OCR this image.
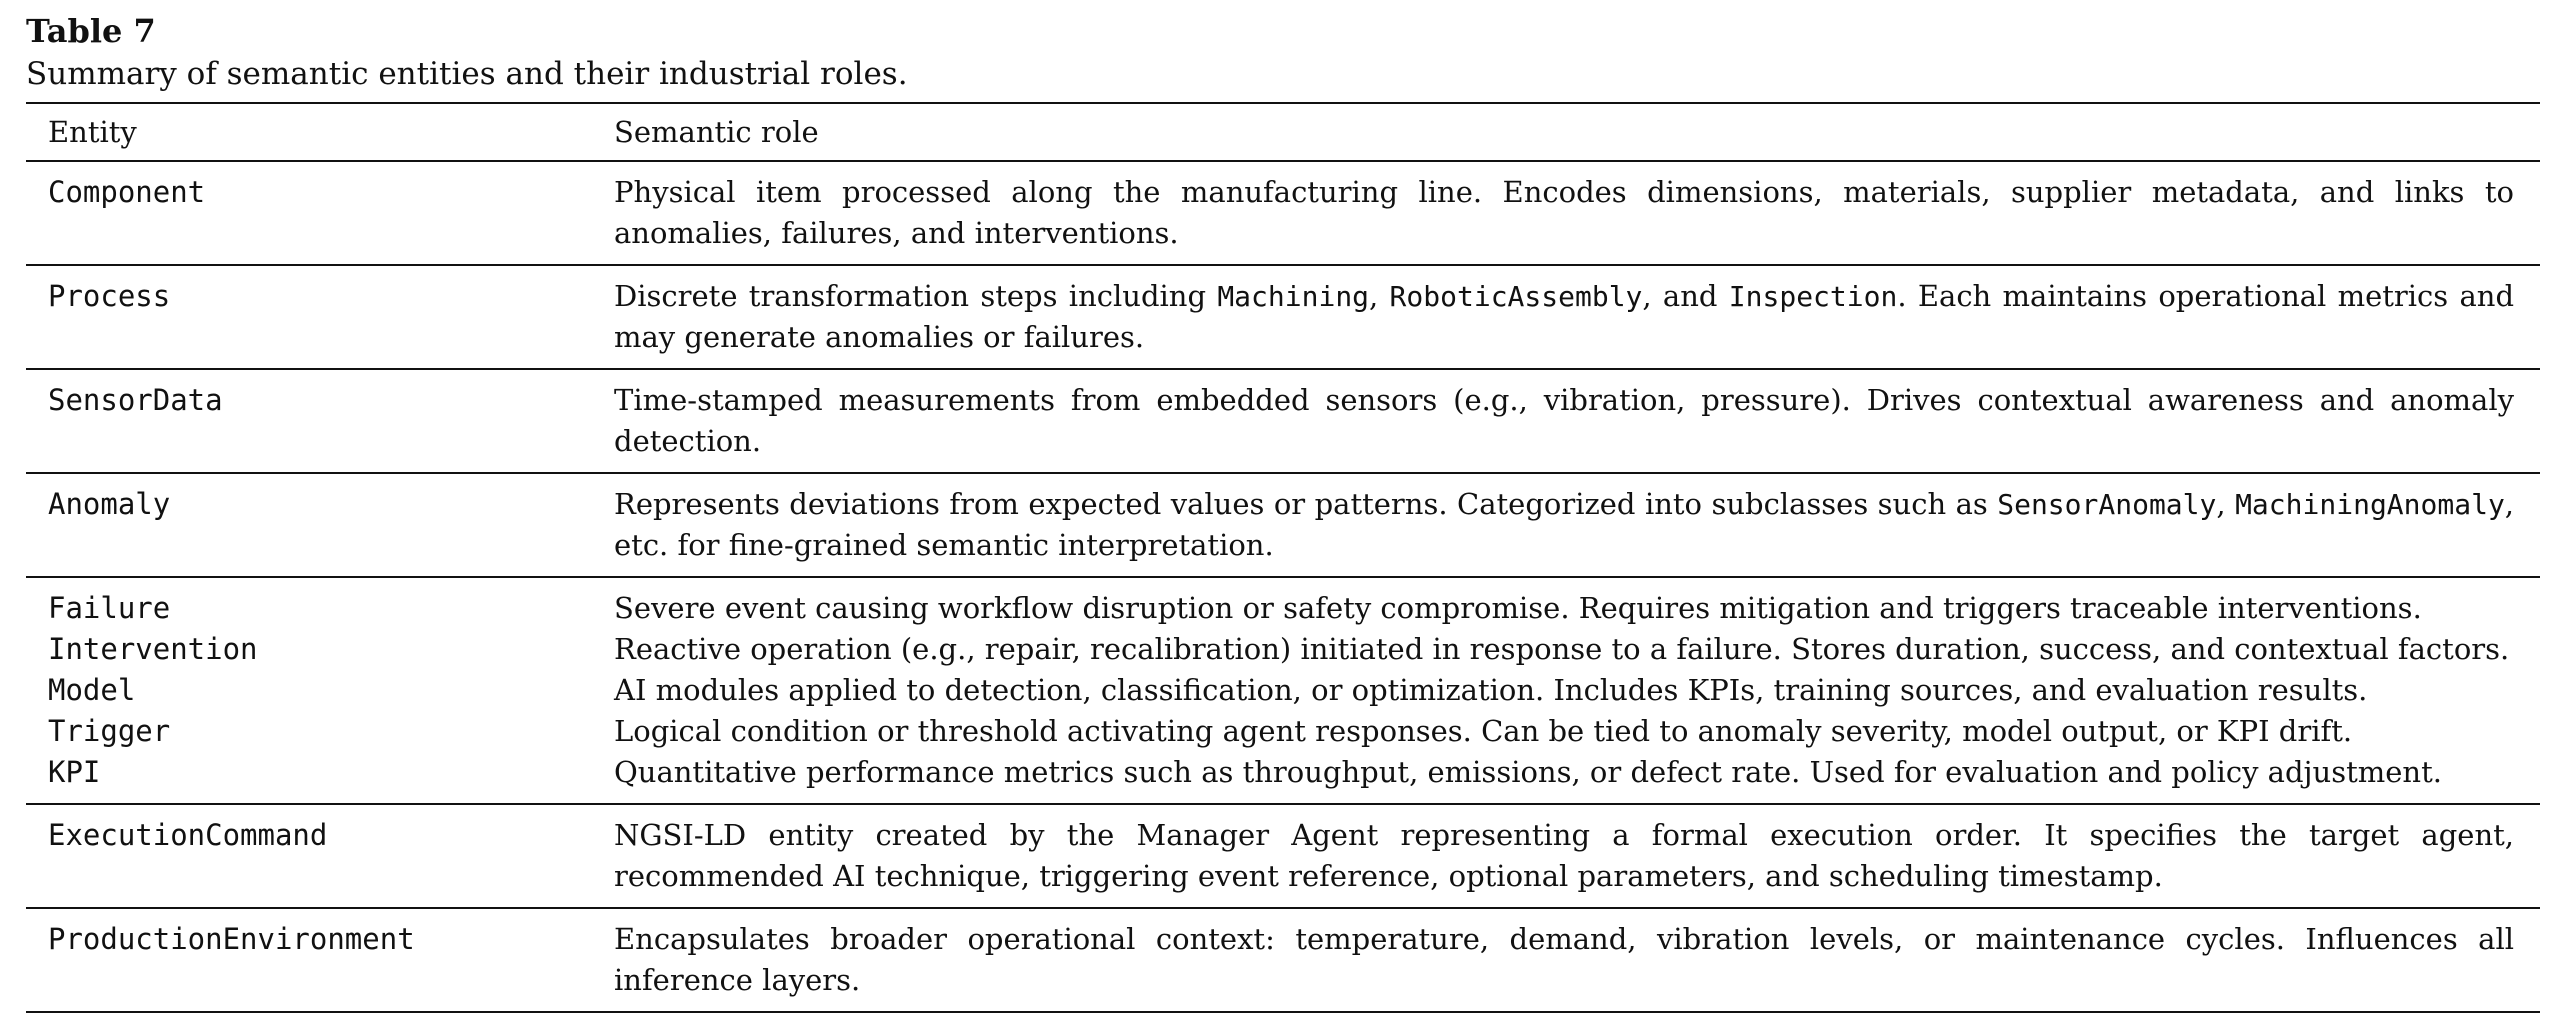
Table 7

Summary of semantic entities and their industrial roles.

Entity	Semantic role
Component	Physical item processed along the manufacturing line. Encodes dimensions, materials, supplier metadata, and links to anomalies, failures, and interventions.
Process	Discrete transformation steps including Machining, RoboticAssembly, and Inspection. Each maintains operational metrics and may generate anomalies or failures.
SensorData	Time-stamped measurements from embedded sensors (e.g., vibration, pressure). Drives contextual awareness and anomaly detection.
Anomaly	Represents deviations from expected values or patterns. Categorized into subclasses such as SensorAnomaly, MachiningAnomaly, etc. for fine-grained semantic interpretation.
Failure	Severe event causing workflow disruption or safety compromise. Requires mitigation and triggers traceable interventions.
Intervention	Reactive operation (e.g., repair, recalibration) initiated in response to a failure. Stores duration, success, and contextual factors.
Model	AI modules applied to detection, classification, or optimization. Includes KPIs, training sources, and evaluation results.
Trigger	Logical condition or threshold activating agent responses. Can be tied to anomaly severity, model output, or KPI drift.
KPI	Quantitative performance metrics such as throughput, emissions, or defect rate. Used for evaluation and policy adjustment.
ExecutionCommand	NGSI-LD entity created by the Manager Agent representing a formal execution order. It specifies the target agent, recommended AI technique, triggering event reference, optional parameters, and scheduling timestamp.
ProductionEnvironment	Encapsulates broader operational context: temperature, demand, vibration levels, or maintenance cycles. Influences all inference layers.
